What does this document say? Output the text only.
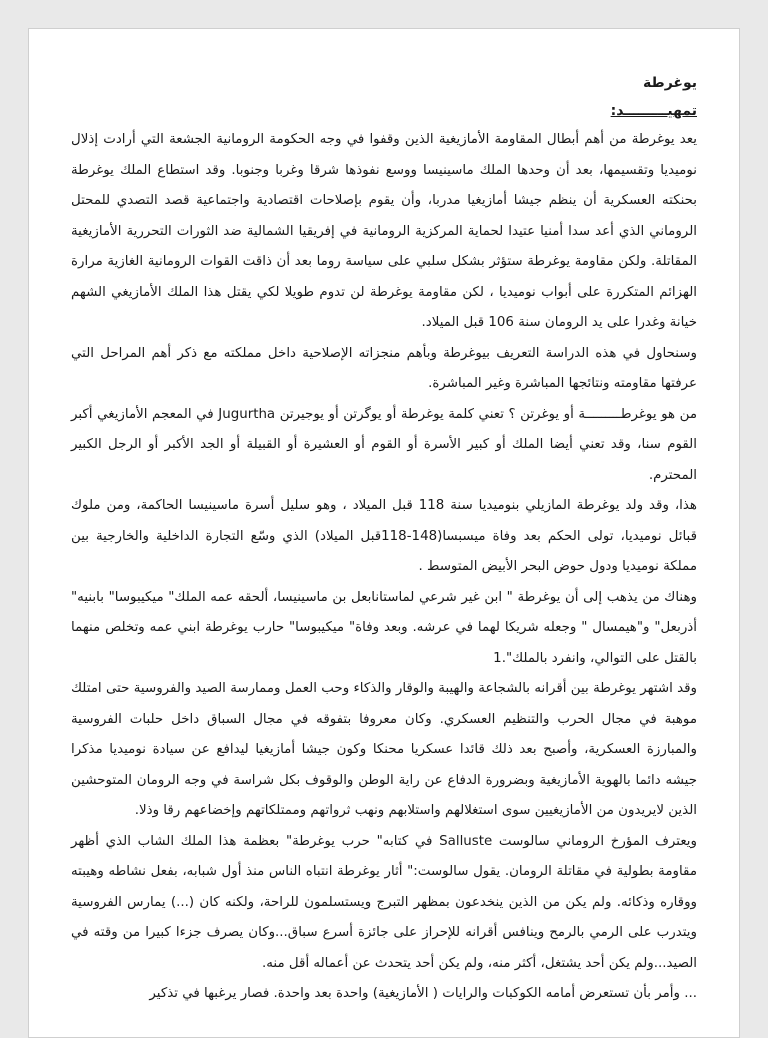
يوغرطة

تمهيـــــــــد:

يعد يوغرطة من أهم أبطال المقاومة الأمازيغية الذين وقفوا في وجه الحكومة الرومانية الجشعة التي أرادت إذلال نوميديا وتقسيمها، بعد أن وحدها الملك ماسينيسا ووسع نفوذها شرقا وغربا وجنوبا. وقد استطاع الملك يوغرطة بحنكته العسكرية أن ينظم جيشا أمازيغيا مدربا، وأن يقوم بإصلاحات اقتصادية واجتماعية قصد التصدي للمحتل الروماني الذي أعد سدا أمنيا عتيدا لحماية المركزية الرومانية في إفريقيا الشمالية ضد الثورات التحررية الأمازيغية المقاتلة. ولكن مقاومة يوغرطة ستؤثر بشكل سلبي على سياسة روما بعد أن ذاقت القوات الرومانية الغازية مرارة الهزائم المتكررة على أبواب نوميديا ، لكن مقاومة يوغرطة لن تدوم طويلا لكي يقتل هذا الملك الأمازيغي الشهم خيانة وغدرا على يد الرومان سنة 106 قبل الميلاد.

وسنحاول في هذه الدراسة التعريف بيوغرطة وبأهم منجزاته الإصلاحية داخل مملكته مع ذكر أهم المراحل التي عرفتها مقاومته ونتائجها المباشرة وغير المباشرة.

من هو يوغرطـــــــــة أو يوغرتن ؟ تعني كلمة يوغرطة أو يوگرتن أو يوجيرتن Jugurtha في المعجم الأمازيغي أكبر القوم سنا، وقد تعني أيضا الملك أو كبير الأسرة أو القوم أو العشيرة أو القبيلة أو الجد الأكبر أو الرجل الكبير المحترم.

هذا، وقد ولد يوغرطة المازيلي بنوميديا سنة 118 قبل الميلاد ، وهو سليل أسرة ماسينيسا الحاكمة، ومن ملوك قبائل نوميديا، تولى الحكم بعد وفاة ميسبسا(148-118قبل الميلاد) الذي وسّع التجارة الداخلية والخارجية بين مملكة نوميديا ودول حوض البحر الأبيض المتوسط .

وهناك من يذهب إلى أن يوغرطة " ابن غير شرعي لماستانابعل بن ماسينيسا، ألحقه عمه الملك" ميكيبوسا" بابنيه" أذربعل" و"هيمسال " وجعله شريكا لهما في عرشه. وبعد وفاة" ميكيبوسا" حارب يوغرطة ابني عمه وتخلص منهما بالقتل على التوالي، وانفرد بالملك".1

وقد اشتهر يوغرطة بين أقرانه بالشجاعة والهيبة والوقار والذكاء وحب العمل وممارسة الصيد والفروسية حتى امتلك موهبة في مجال الحرب والتنظيم العسكري. وكان معروفا بتفوقه في مجال السباق داخل حلبات الفروسية والمبارزة العسكرية، وأصبح بعد ذلك قائدا عسكريا محنكا وكون جيشا أمازيغيا ليدافع عن سيادة نوميديا مذكرا جيشه دائما بالهوية الأمازيغية وبضرورة الدفاع عن راية الوطن والوقوف بكل شراسة في وجه الرومان المتوحشين الذين لايريدون من الأمازيغيين سوى استغلالهم واستلابهم ونهب ثرواتهم وممتلكاتهم وإخضاعهم رقا وذلا.

ويعترف المؤرخ الروماني سالوست Salluste في كتابه" حرب يوغرطة" بعظمة هذا الملك الشاب الذي أظهر مقاومة بطولية في مقاتلة الرومان. يقول سالوست:" أثار يوغرطة انتباه الناس منذ أول شبابه، بفعل نشاطه وهيبته ووقاره وذكائه. ولم يكن من الذين ينخدعون بمظهر التبرج ويستسلمون للراحة، ولكنه كان (...) يمارس الفروسية ويتدرب على الرمي بالرمح وينافس أقرانه للإحراز على جائزة أسرع سباق...وكان يصرف جزءا كبيرا من وقته في الصيد...ولم يكن أحد يشتغل، أكثر منه، ولم يكن أحد يتحدث عن أعماله أقل منه.

... وأمر بأن تستعرض أمامه الكوكبات والرايات ( الأمازيغية) واحدة بعد واحدة. فصار يرغبها في تذكير
